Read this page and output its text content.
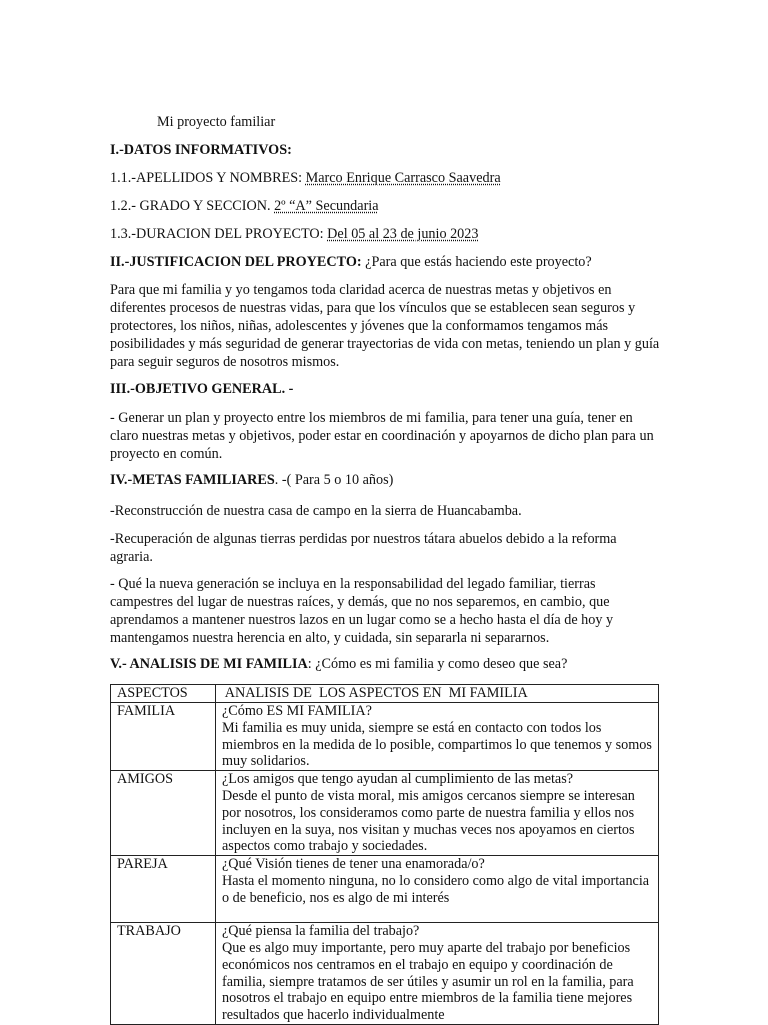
Mi proyecto familiar

I.-DATOS INFORMATIVOS:

1.1.-APELLIDOS Y NOMBRES: Marco Enrique Carrasco Saavedra

1.2.- GRADO Y SECCION. 2º “A” Secundaria

1.3.-DURACION DEL PROYECTO: Del 05 al 23 de junio 2023

II.-JUSTIFICACION DEL PROYECTO: ¿Para que estás haciendo este proyecto?

Para que mi familia y yo tengamos toda claridad acerca de nuestras metas y objetivos en diferentes procesos de nuestras vidas, para que los vínculos que se establecen sean seguros y protectores, los niños, niñas, adolescentes y jóvenes que la conformamos tengamos más posibilidades y más seguridad de generar trayectorias de vida con metas, teniendo un plan y guía para seguir seguros de nosotros mismos.

III.-OBJETIVO GENERAL. -

- Generar un plan y proyecto entre los miembros de mi familia, para tener una guía, tener en claro nuestras metas y objetivos, poder estar en coordinación y apoyarnos de dicho plan para un proyecto en común.

IV.-METAS FAMILIARES. -( Para 5 o 10 años)

-Reconstrucción de nuestra casa de campo en la sierra de Huancabamba.

-Recuperación de algunas tierras perdidas por nuestros tátara abuelos debido a la reforma agraria.

- Qué la nueva generación se incluya en la responsabilidad del legado familiar, tierras campestres del lugar de nuestras raíces, y demás, que no nos separemos, en cambio, que aprendamos a mantener nuestros lazos en un lugar como se a hecho hasta el día de hoy y mantengamos nuestra herencia en alto, y cuidada, sin separarla ni separarnos.

V.- ANALISIS DE MI FAMILIA: ¿Cómo es mi familia y como deseo que sea?

ASPECTOS	ANALISIS DE  LOS ASPECTOS EN  MI FAMILIA
FAMILIA	¿Cómo ES MI FAMILIA?
Mi familia es muy unida, siempre se está en contacto con todos los miembros en la medida de lo posible, compartimos lo que tenemos y somos muy solidarios.

AMIGOS	¿Los amigos que tengo ayudan al cumplimiento de las metas?
Desde el punto de vista moral, mis amigos cercanos siempre se interesan por nosotros, los consideramos como parte de nuestra familia y ellos nos incluyen en la suya, nos visitan y muchas veces nos apoyamos en ciertos aspectos como trabajo y sociedades.

PAREJA	¿Qué Visión tienes de tener una enamorada/o?
Hasta el momento ninguna, no lo considero como algo de vital importancia o de beneficio, nos es algo de mi interés

TRABAJO	¿Qué piensa la familia del trabajo?
Que es algo muy importante, pero muy aparte del trabajo por beneficios económicos nos centramos en el trabajo en equipo y coordinación de familia, siempre tratamos de ser útiles y asumir un rol en la familia, para nosotros el trabajo en equipo entre miembros de la familia tiene mejores resultados que hacerlo individualmente
